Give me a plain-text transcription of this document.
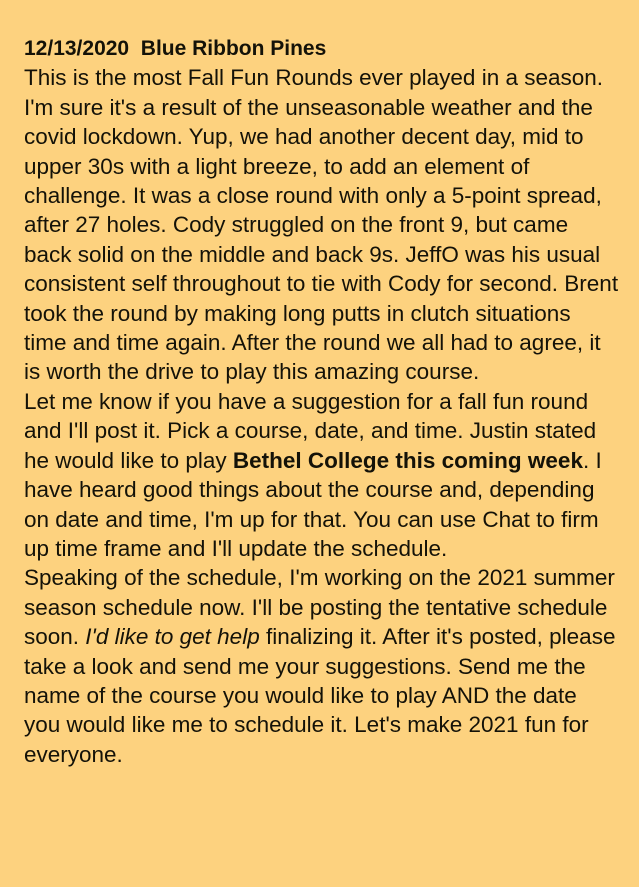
12/13/2020 Blue Ribbon Pines

This is the most Fall Fun Rounds ever played in a season. I'm sure it's a result of the unseasonable weather and the covid lockdown. Yup, we had another decent day, mid to upper 30s with a light breeze, to add an element of challenge. It was a close round with only a 5-point spread, after 27 holes. Cody struggled on the front 9, but came back solid on the middle and back 9s. JeffO was his usual consistent self throughout to tie with Cody for second. Brent took the round by making long putts in clutch situations time and time again. After the round we all had to agree, it is worth the drive to play this amazing course.

Let me know if you have a suggestion for a fall fun round and I'll post it. Pick a course, date, and time. Justin stated he would like to play Bethel College this coming week. I have heard good things about the course and, depending on date and time, I'm up for that. You can use Chat to firm up time frame and I'll update the schedule.

Speaking of the schedule, I'm working on the 2021 summer season schedule now. I'll be posting the tentative schedule soon. I'd like to get help finalizing it. After it's posted, please take a look and send me your suggestions. Send me the name of the course you would like to play AND the date you would like me to schedule it. Let's make 2021 fun for everyone.
